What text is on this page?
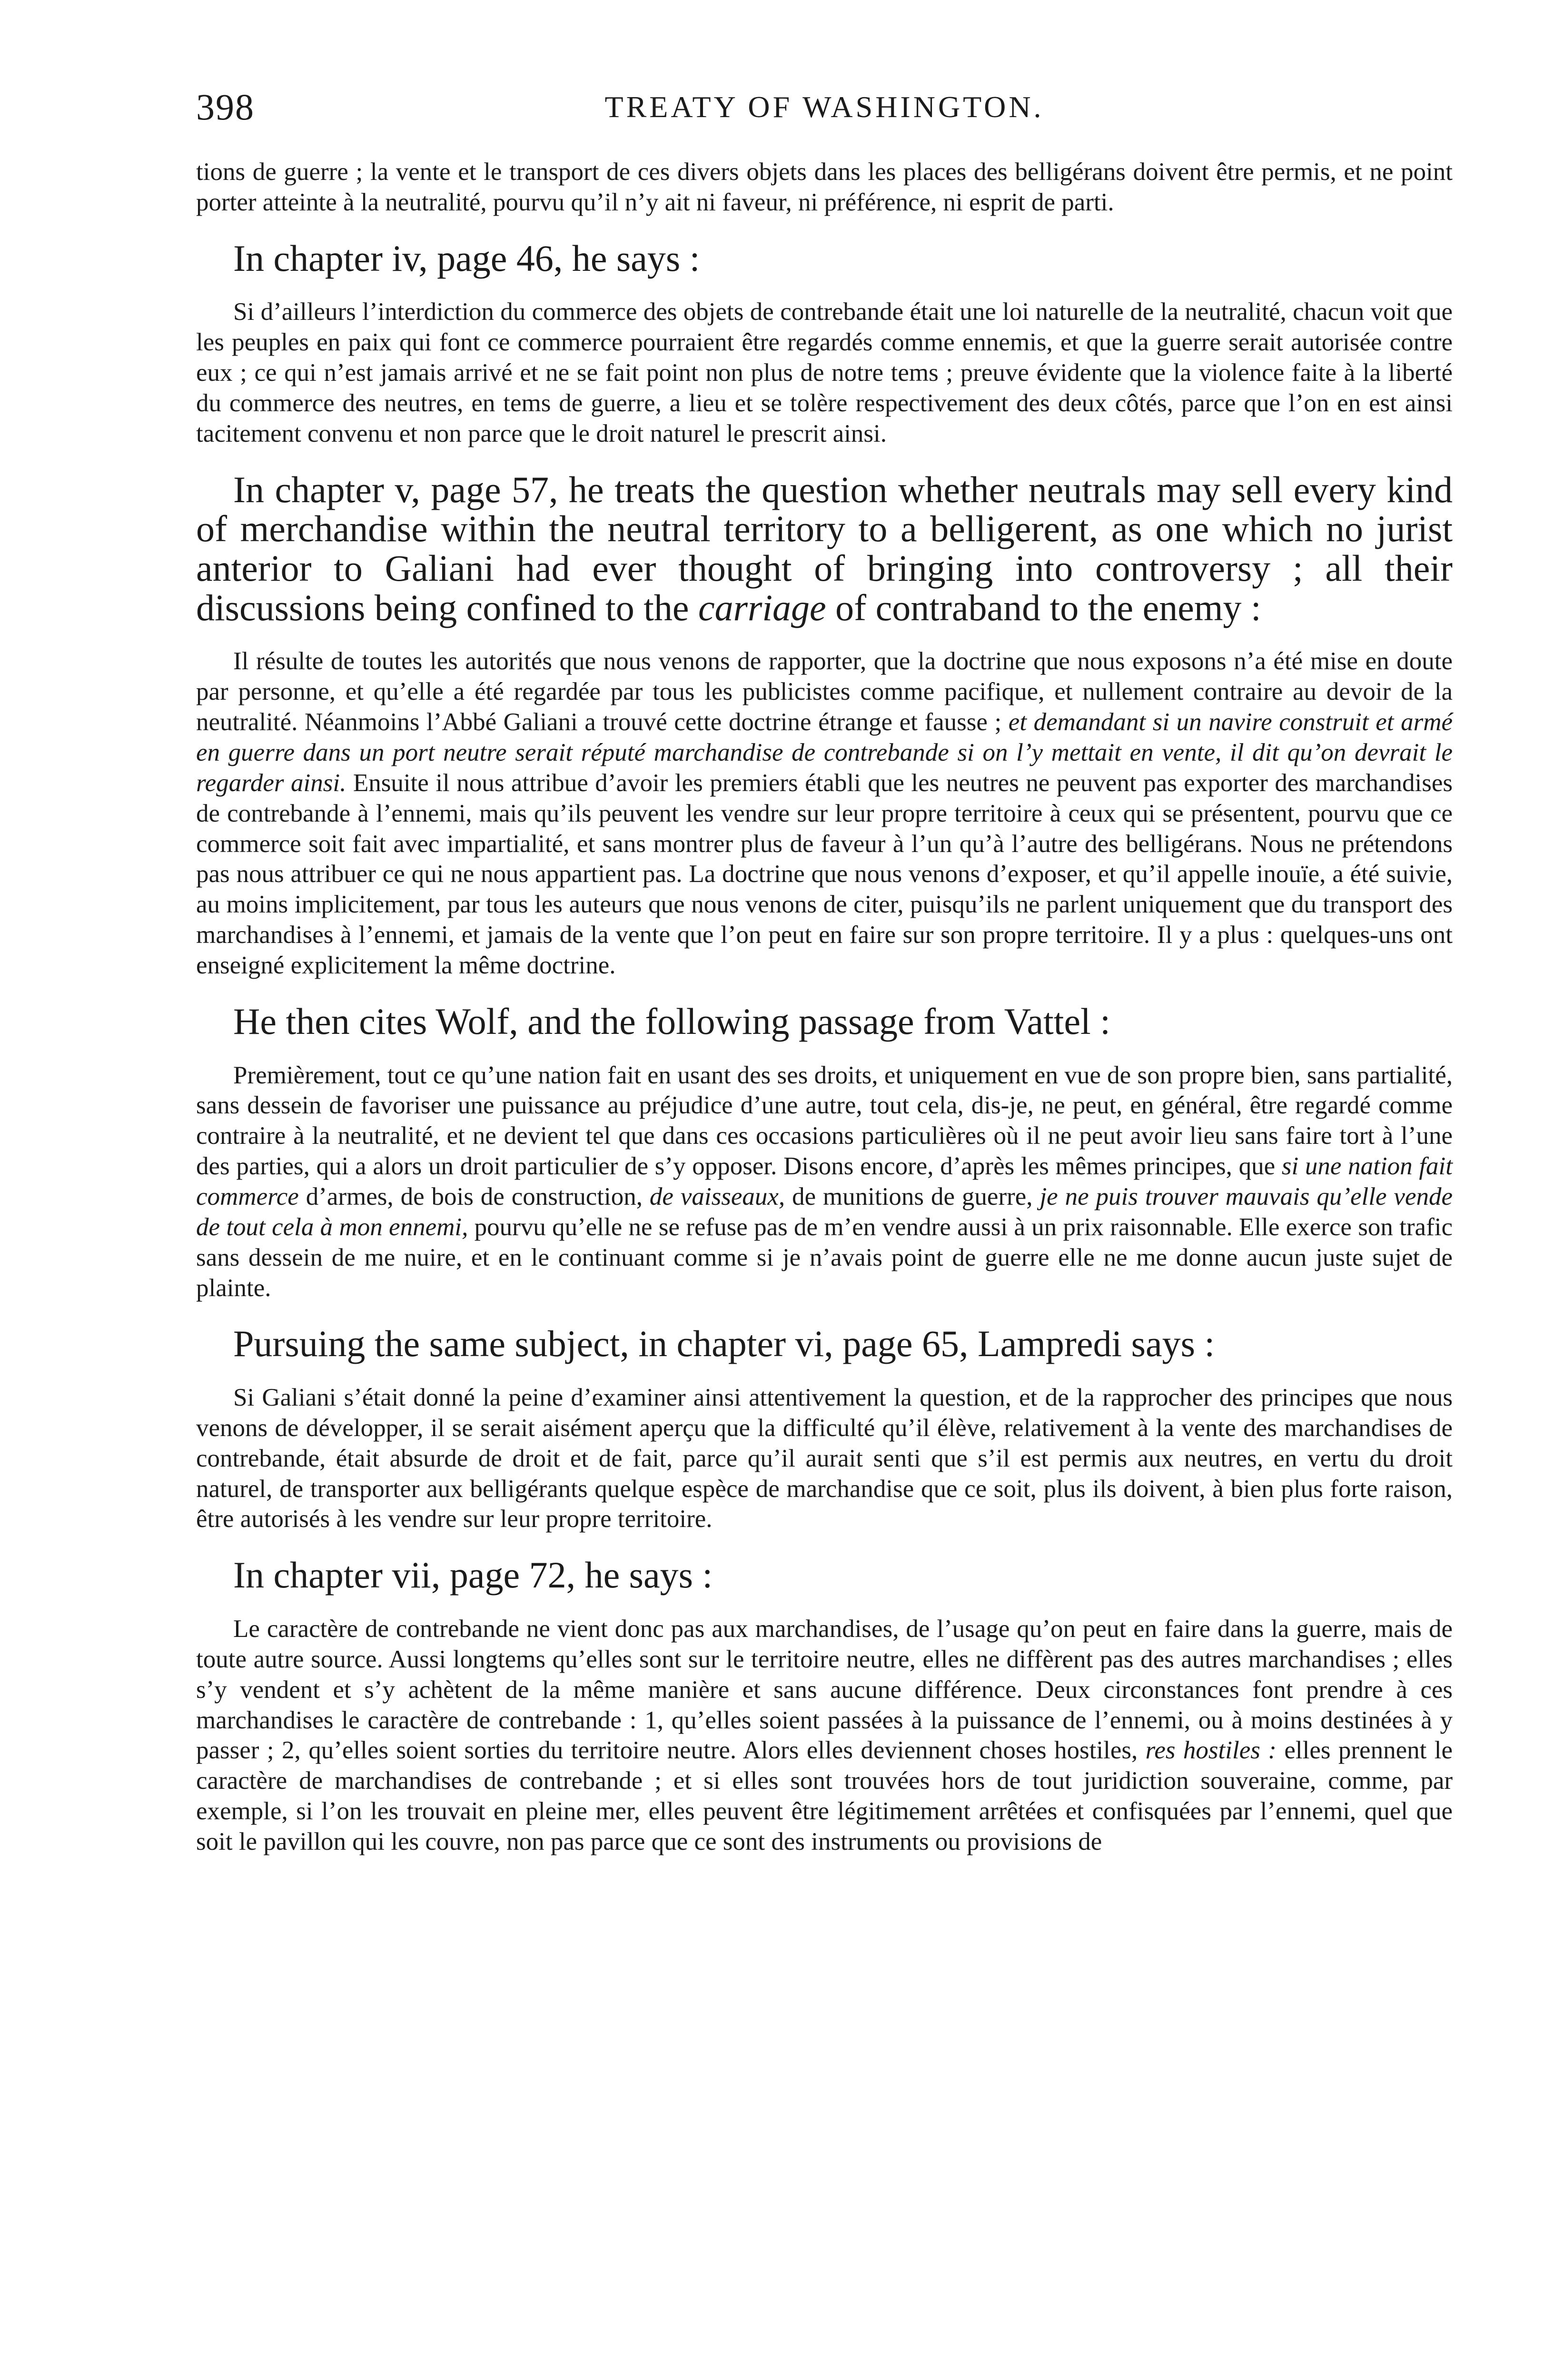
398	TREATY OF WASHINGTON.

tions de guerre ; la vente et le transport de ces divers objets dans les places des belligérans doivent être permis, et ne point porter atteinte à la neutralité, pourvu qu’il n’y ait ni faveur, ni préférence, ni esprit de parti.

In chapter iv, page 46, he says :

Si d’ailleurs l’interdiction du commerce des objets de contrebande était une loi naturelle de la neutralité, chacun voit que les peuples en paix qui font ce commerce pourraient être regardés comme ennemis, et que la guerre serait autorisée contre eux ; ce qui n’est jamais arrivé et ne se fait point non plus de notre tems ; preuve évidente que la violence faite à la liberté du commerce des neutres, en tems de guerre, a lieu et se tolère respectivement des deux côtés, parce que l’on en est ainsi tacitement convenu et non parce que le droit naturel le prescrit ainsi.

In chapter v, page 57, he treats the question whether neutrals may sell every kind of merchandise within the neutral territory to a belligerent, as one which no jurist anterior to Galiani had ever thought of bringing into controversy ; all their discussions being confined to the carriage of contraband to the enemy :

Il résulte de toutes les autorités que nous venons de rapporter, que la doctrine que nous exposons n’a été mise en doute par personne, et qu’elle a été regardée par tous les publicistes comme pacifique, et nullement contraire au devoir de la neutralité. Néanmoins l’Abbé Galiani a trouvé cette doctrine étrange et fausse ; et demandant si un navire construit et armé en guerre dans un port neutre serait réputé marchandise de contrebande si on l’y mettait en vente, il dit qu’on devrait le regarder ainsi. Ensuite il nous attribue d’avoir les premiers établi que les neutres ne peuvent pas exporter des marchandises de contrebande à l’ennemi, mais qu’ils peuvent les vendre sur leur propre territoire à ceux qui se présentent, pourvu que ce commerce soit fait avec impartialité, et sans montrer plus de faveur à l’un qu’à l’autre des belligérans. Nous ne prétendons pas nous attribuer ce qui ne nous appartient pas. La doctrine que nous venons d’exposer, et qu’il appelle inouïe, a été suivie, au moins implicitement, par tous les auteurs que nous venons de citer, puisqu’ils ne parlent uniquement que du transport des marchandises à l’ennemi, et jamais de la vente que l’on peut en faire sur son propre territoire. Il y a plus : quelques-uns ont enseigné explicitement la même doctrine.

He then cites Wolf, and the following passage from Vattel :

Premièrement, tout ce qu’une nation fait en usant des ses droits, et uniquement en vue de son propre bien, sans partialité, sans dessein de favoriser une puissance au préjudice d’une autre, tout cela, dis-je, ne peut, en général, être regardé comme contraire à la neutralité, et ne devient tel que dans ces occasions particulières où il ne peut avoir lieu sans faire tort à l’une des parties, qui a alors un droit particulier de s’y opposer. Disons encore, d’après les mêmes principes, que si une nation fait commerce d’armes, de bois de construction, de vaisseaux, de munitions de guerre, je ne puis trouver mauvais qu’elle vende de tout cela à mon ennemi, pourvu qu’elle ne se refuse pas de m’en vendre aussi à un prix raisonnable. Elle exerce son trafic sans dessein de me nuire, et en le continuant comme si je n’avais point de guerre elle ne me donne aucun juste sujet de plainte.

Pursuing the same subject, in chapter vi, page 65, Lampredi says :

Si Galiani s’était donné la peine d’examiner ainsi attentivement la question, et de la rapprocher des principes que nous venons de développer, il se serait aisément aperçu que la difficulté qu’il élève, relativement à la vente des marchandises de contrebande, était absurde de droit et de fait, parce qu’il aurait senti que s’il est permis aux neutres, en vertu du droit naturel, de transporter aux belligérants quelque espèce de marchandise que ce soit, plus ils doivent, à bien plus forte raison, être autorisés à les vendre sur leur propre territoire.

In chapter vii, page 72, he says :

Le caractère de contrebande ne vient donc pas aux marchandises, de l’usage qu’on peut en faire dans la guerre, mais de toute autre source. Aussi longtems qu’elles sont sur le territoire neutre, elles ne diffèrent pas des autres marchandises ; elles s’y vendent et s’y achètent de la même manière et sans aucune différence. Deux circonstances font prendre à ces marchandises le caractère de contrebande : 1, qu’elles soient passées à la puissance de l’ennemi, ou à moins destinées à y passer ; 2, qu’elles soient sorties du territoire neutre. Alors elles deviennent choses hostiles, res hostiles : elles prennent le caractère de marchandises de contrebande ; et si elles sont trouvées hors de tout juridiction souveraine, comme, par exemple, si l’on les trouvait en pleine mer, elles peuvent être légitimement arrêtées et confisquées par l’ennemi, quel que soit le pavillon qui les couvre, non pas parce que ce sont des instruments ou provisions de
